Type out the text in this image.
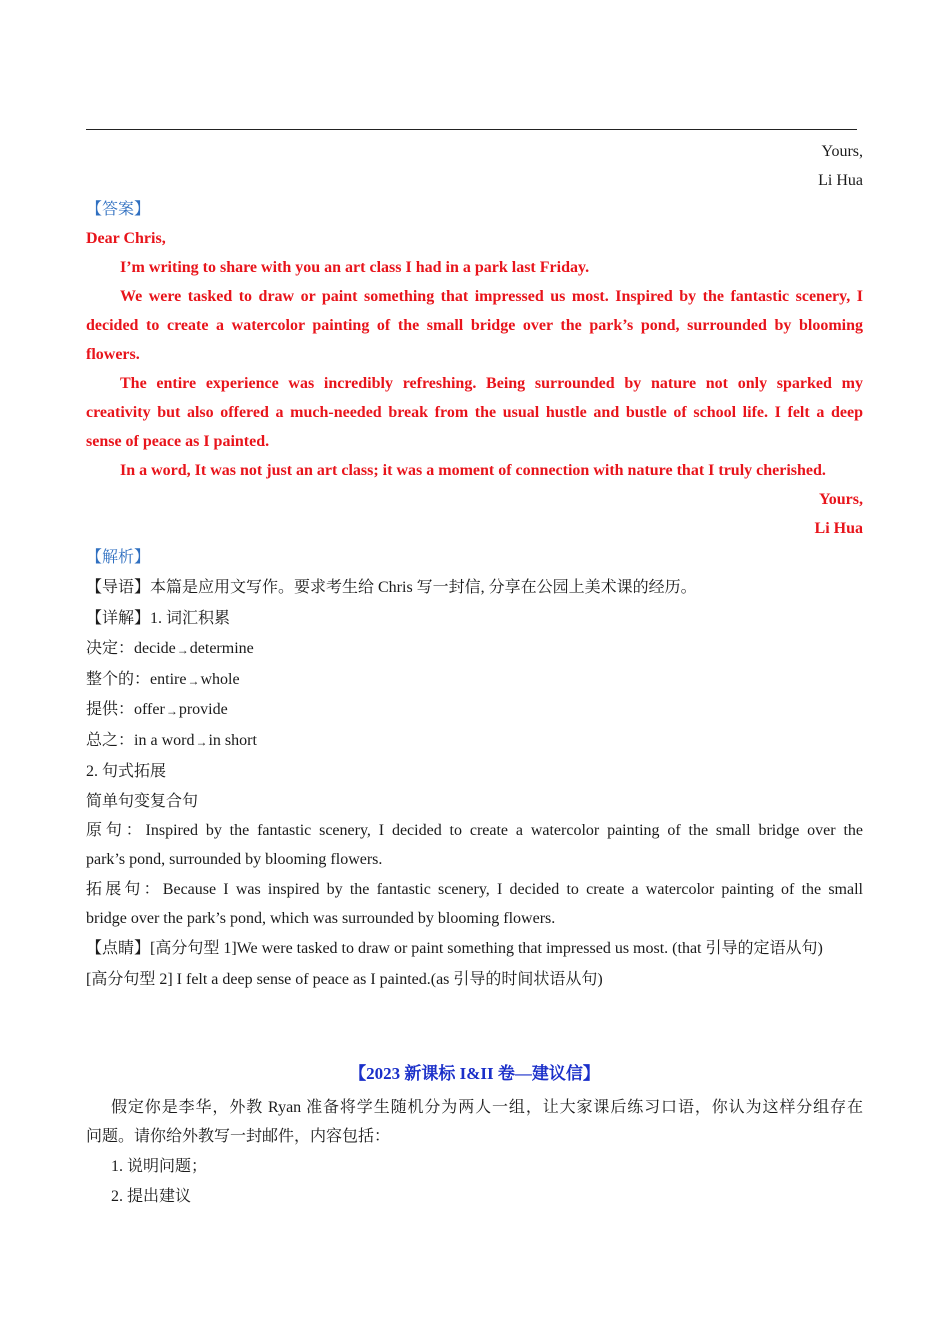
Yours,
Li Hua
【答案】
Dear Chris,
I’m writing to share with you an art class I had in a park last Friday.
We were tasked to draw or paint something that impressed us most. Inspired by the fantastic scenery, I
decided to create a watercolor painting of the small bridge over the park’s pond, surrounded by blooming
flowers.
The entire experience was incredibly refreshing. Being surrounded by nature not only sparked my
creativity but also offered a much-needed break from the usual hustle and bustle of school life. I felt a deep
sense of peace as I painted.
In a word, It was not just an art class; it was a moment of connection with nature that I truly cherished.
Yours,
Li Hua
【解析】
【导语】本篇是应用文写作。要求考生给 Chris 写一封信, 分享在公园上美术课的经历。
【详解】1. 词汇积累
决定：decide→determine
整个的：entire→whole
提供：offer→provide
总之：in a word→in short
2. 句式拓展
简单句变复合句
原句：Inspired by the fantastic scenery, I decided to create a watercolor painting of the small bridge over the
park’s pond, surrounded by blooming flowers.
拓展句：Because I was inspired by the fantastic scenery, I decided to create a watercolor painting of the small
bridge over the park’s pond, which was surrounded by blooming flowers.
【点睛】[高分句型 1]We were tasked to draw or paint something that impressed us most. (that 引导的定语从句)
[高分句型 2] I felt a deep sense of peace as I painted.(as 引导的时间状语从句)
【2023 新课标 I&II 卷—建议信】
假定你是李华，外教 Ryan 准备将学生随机分为两人一组，让大家课后练习口语，你认为这样分组存在
问题。请你给外教写一封邮件，内容包括：
1. 说明问题；
2. 提出建议
